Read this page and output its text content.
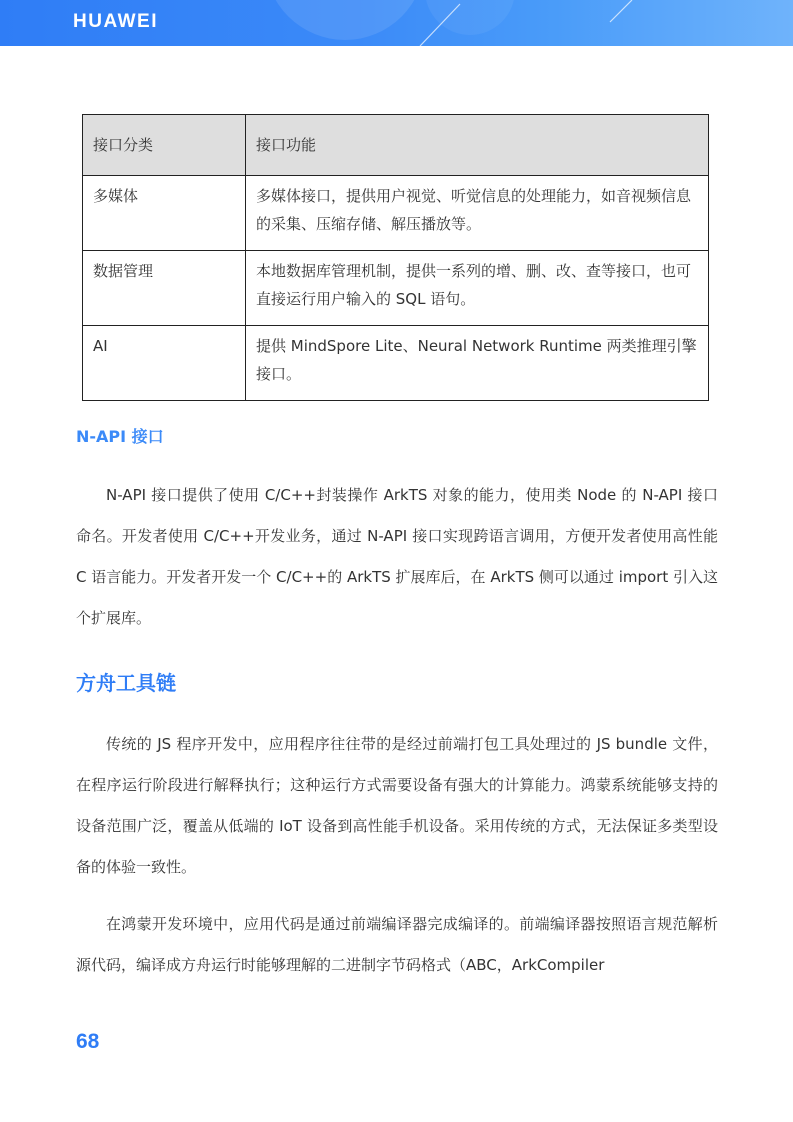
HUAWEI
接口分类	接口功能
多媒体	多媒体接口，提供用户视觉、听觉信息的处理能力，如音视频信息的采集、压缩存储、解压播放等。
数据管理	本地数据库管理机制，提供一系列的增、删、改、查等接口，也可直接运行用户输入的 SQL 语句。
AI	提供 MindSpore Lite、Neural Network Runtime 两类推理引擎接口。
N-API 接口
N-API 接口提供了使用 C/C++封装操作 ArkTS 对象的能力，使用类 Node 的 N-API 接口命名。开发者使用 C/C++开发业务，通过 N-API 接口实现跨语言调用，方便开发者使用高性能 C 语言能力。开发者开发一个 C/C++的 ArkTS 扩展库后，在 ArkTS 侧可以通过 import 引入这个扩展库。
方舟工具链
传统的 JS 程序开发中，应用程序往往带的是经过前端打包工具处理过的 JS bundle 文件，在程序运行阶段进行解释执行；这种运行方式需要设备有强大的计算能力。鸿蒙系统能够支持的设备范围广泛，覆盖从低端的 IoT 设备到高性能手机设备。采用传统的方式，无法保证多类型设备的体验一致性。
在鸿蒙开发环境中，应用代码是通过前端编译器完成编译的。前端编译器按照语言规范解析源代码，编译成方舟运行时能够理解的二进制字节码格式（ABC，ArkCompiler
68
